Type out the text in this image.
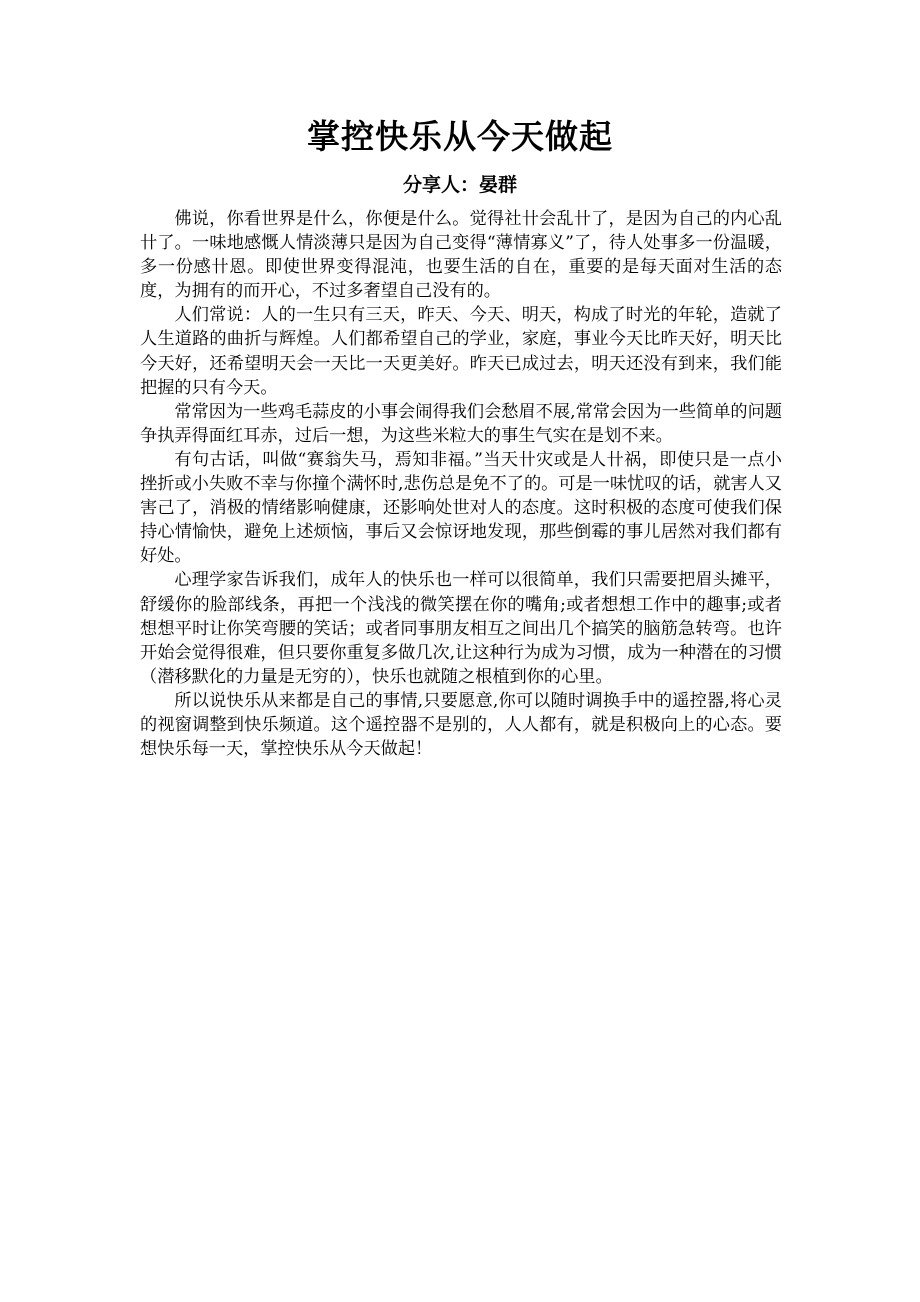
掌控快乐从今天做起
分享人：晏群

佛说，你看世界是什么，你便是什么。觉得社卄会乱卄了，是因为自己的内心乱卄了。一味地感慨人情淡薄只是因为自己变得“薄情寡义”了，待人处事多一份温暖，多一份感卄恩。即使世界变得混沌，也要生活的自在，重要的是每天面对生活的态度，为拥有的而开心，不过多奢望自己没有的。

人们常说：人的一生只有三天，昨天、今天、明天，构成了时光的年轮，造就了人生道路的曲折与辉煌。人们都希望自己的学业，家庭，事业今天比昨天好，明天比今天好，还希望明天会一天比一天更美好。昨天已成过去，明天还没有到来，我们能把握的只有今天。

常常因为一些鸡毛蒜皮的小事会闹得我们会愁眉不展,常常会因为一些简单的问题争执弄得面红耳赤，过后一想，为这些米粒大的事生气实在是划不来。

有句古话，叫做“赛翁失马，焉知非福。”当天卄灾或是人卄祸，即使只是一点小挫折或小失败不幸与你撞个满怀时,悲伤总是免不了的。可是一味忧叹的话，就害人又害己了，消极的情绪影响健康，还影响处世对人的态度。这时积极的态度可使我们保持心情愉快，避免上述烦恼，事后又会惊讶地发现，那些倒霉的事儿居然对我们都有好处。

心理学家告诉我们，成年人的快乐也一样可以很简单，我们只需要把眉头摊平，舒缓你的脸部线条，再把一个浅浅的微笑摆在你的嘴角;或者想想工作中的趣事;或者想想平时让你笑弯腰的笑话；或者同事朋友相互之间出几个搞笑的脑筋急转弯。也许开始会觉得很难，但只要你重复多做几次,让这种行为成为习惯，成为一种潜在的习惯（潜移默化的力量是无穷的），快乐也就随之根植到你的心里。

所以说快乐从来都是自己的事情,只要愿意,你可以随时调换手中的遥控器,将心灵的视窗调整到快乐频道。这个遥控器不是别的，人人都有，就是积极向上的心态。要想快乐每一天，掌控快乐从今天做起！
